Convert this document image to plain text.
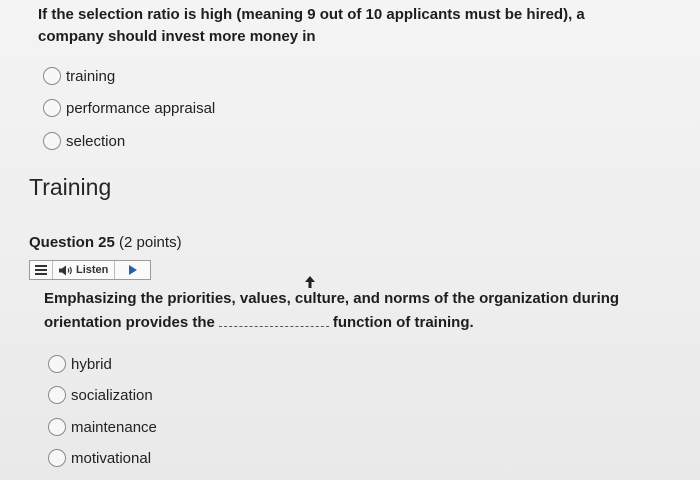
If the selection ratio is high (meaning 9 out of 10 applicants must be hired), a company should invest more money in
training
performance appraisal
selection
Training
Question 25 (2 points)
Listen
Emphasizing the priorities, values, culture, and norms of the organization during orientation provides the	function of training.
hybrid
socialization
maintenance
motivational
